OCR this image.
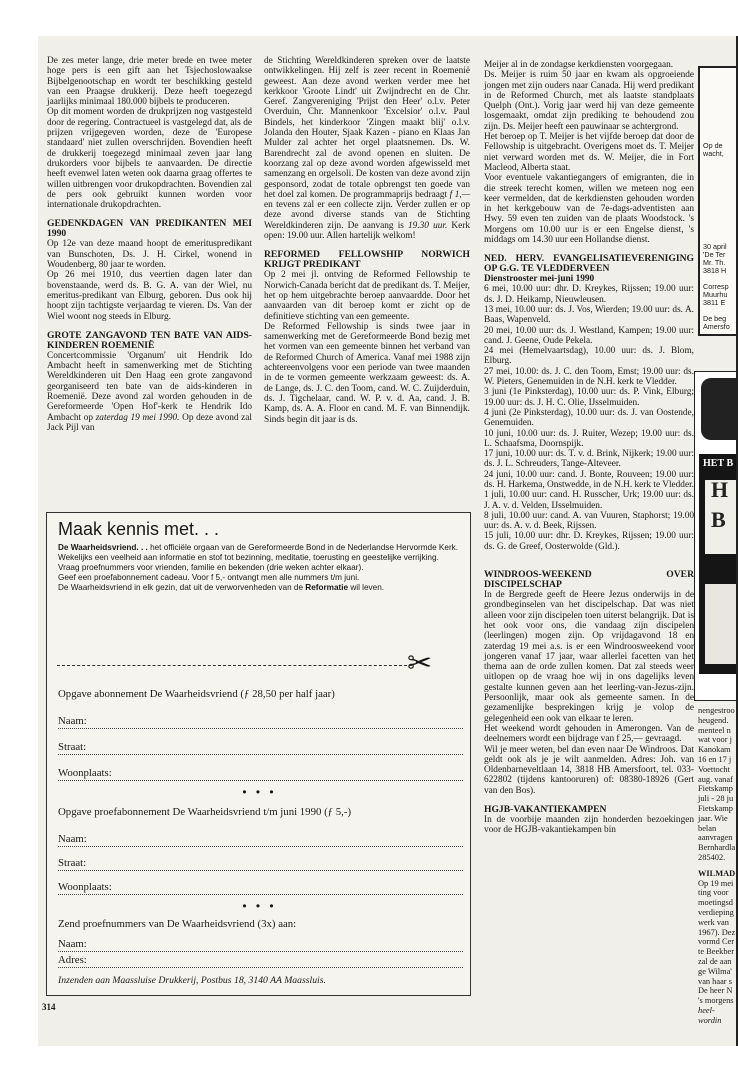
De zes meter lange, drie meter brede en twee meter hoge pers is een gift aan het Tsjechoslowaakse Bijbelgenootschap en wordt ter beschikking gesteld van een Praagse drukkerij. Deze heeft toegezegd jaarlijks minimaal 180.000 bijbels te produceren.

Op dit moment worden de drukprijzen nog vastgesteld door de regering. Contractueel is vastgelegd dat, als de prijzen vrijgegeven worden, deze de 'Europese standaard' niet zullen overschrijden. Bovendien heeft de drukkerij toegezegd minimaal zeven jaar lang drukorders voor bijbels te aanvaarden. De directie heeft evenwel laten weten ook daarna graag offertes te willen uitbrengen voor drukopdrachten. Bovendien zal de pers ook gebruikt kunnen worden voor internationale drukopdrachten.

GEDENKDAGEN VAN PREDIKANTEN MEI 1990

Op 12e van deze maand hoopt de emerituspredikant van Bunschoten, Ds. J. H. Cirkel, wonend in Woudenberg, 80 jaar te worden.

Op 26 mei 1910, dus veertien dagen later dan bovenstaande, werd ds. B. G. A. van der Wiel, nu emeritus-predikant van Elburg, geboren. Dus ook hij hoopt zijn tachtigste verjaardag te vieren. Ds. Van der Wiel woont nog steeds in Elburg.

GROTE ZANGAVOND TEN BATE VAN AIDS-KINDEREN ROEMENIË

Concertcommissie 'Organum' uit Hendrik Ido Ambacht heeft in samenwerking met de Stichting Wereldkinderen uit Den Haag een grote zangavond georganiseerd ten bate van de aids-kinderen in Roemenië. Deze avond zal worden gehouden in de Gereformeerde 'Open Hof'-kerk te Hendrik Ido Ambacht op zaterdag 19 mei 1990. Op deze avond zal Jack Pijl van

de Stichting Wereldkinderen spreken over de laatste ontwikkelingen. Hij zelf is zeer recent in Roemenië geweest. Aan deze avond werken verder mee het kerkkoor 'Groote Lindt' uit Zwijndrecht en de Chr. Geref. Zangvereniging 'Prijst den Heer' o.l.v. Peter Overduin, Chr. Mannenkoor 'Excelsior' o.l.v. Paul Bindels, het kinderkoor 'Zingen maakt blij' o.l.v. Jolanda den Houter, Sjaak Kazen - piano en Klaas Jan Mulder zal achter het orgel plaatsnemen. Ds. W. Barendrecht zal de avond openen en sluiten. De koorzang zal op deze avond worden afgewisseld met samenzang en orgelsoli. De kosten van deze avond zijn gesponsord, zodat de totale opbrengst ten goede van het doel zal komen. De programmaprijs bedraagt f 1,— en tevens zal er een collecte zijn. Verder zullen er op deze avond diverse stands van de Stichting Wereldkinderen zijn. De aanvang is 19.30 uur. Kerk open: 19.00 uur. Allen hartelijk welkom!

REFORMED FELLOWSHIP NORWICH KRIJGT PREDIKANT

Op 2 mei jl. ontving de Reformed Fellowship te Norwich-Canada bericht dat de predikant ds. T. Meijer, het op hem uitgebrachte beroep aanvaardde. Door het aanvaarden van dit beroep komt er zicht op de definitieve stichting van een gemeente.

De Reformed Fellowship is sinds twee jaar in samenwerking met de Gereformeerde Bond bezig met het vormen van een gemeente binnen het verband van de Reformed Church of America. Vanaf mei 1988 zijn achtereenvolgens voor een periode van twee maanden in de te vormen gemeente werkzaam geweest: ds. A. de Lange, ds. J. C. den Toom, cand. W. C. Zuijderduin, ds. J. Tigchelaar, cand. W. P. v. d. Aa, cand. J. B. Kamp, ds. A. A. Floor en cand. M. F. van Binnendijk. Sinds begin dit jaar is ds.

Meijer al in de zondagse kerkdiensten voorgegaan.

Ds. Meijer is ruim 50 jaar en kwam als opgroeiende jongen met zijn ouders naar Canada. Hij werd predikant in de Reformed Church, met als laatste standplaats Quelph (Ont.). Vorig jaar werd hij van deze gemeente losgemaakt, omdat zijn prediking te behoudend zou zijn. Ds. Meijer heeft een pauwinaar se achtergrond.

Het beroep op T. Meijer is het vijfde beroep dat door de Fellowship is uitgebracht. Overigens moet ds. T. Meijer niet verward worden met ds. W. Meijer, die in Fort Macleod, Alberta staat.

Voor eventuele vakantiegangers of emigranten, die in die streek terecht komen, willen we meteen nog een keer vermelden, dat de kerkdiensten gehouden worden in het kerkgebouw van de 7e-dags-adventisten aan Hwy. 59 even ten zuiden van de plaats Woodstock. 's Morgens om 10.00 uur is er een Engelse dienst, 's middags om 14.30 uur een Hollandse dienst.

NED. HERV. EVANGELISATIEVERENIGING OP G.G. TE VLEDDERVEEN
Dienstrooster mei-juni 1990

6 mei, 10.00 uur: dhr. D. Kreykes, Rijssen; 19.00 uur: ds. J. D. Heikamp, Nieuwleusen.

13 mei, 10.00 uur: ds. J. Vos, Wierden; 19.00 uur: ds. A. Baas, Wapenveld.

20 mei, 10.00 uur: ds. J. Westland, Kampen; 19.00 uur: cand. J. Geene, Oude Pekela.

24 mei (Hemelvaartsdag), 10.00 uur: ds. J. Blom, Elburg.

27 mei, 10.00: ds. J. C. den Toom, Emst; 19.00 uur: ds. W. Pieters, Genemuiden in de N.H. kerk te Vledder.

3 juni (1e Pinksterdag), 10.00 uur: ds. P. Vink, Elburg; 19.00 uur: ds. J. H. C. Olie, IJsselmuiden.

4 juni (2e Pinksterdag), 10.00 uur: ds. J. van Oostende, Genemuiden.

10 juni, 10.00 uur: ds. J. Ruiter, Wezep; 19.00 uur: ds. L. Schaafsma, Doornspijk.

17 juni, 10.00 uur: ds. T. v. d. Brink, Nijkerk; 19.00 uur: ds. J. L. Schreuders, Tange-Alteveer.

24 juni, 10.00 uur: cand. J. Bonte, Rouveen; 19.00 uur: ds. H. Harkema, Onstwedde, in de N.H. kerk te Vledder.

1 juli, 10.00 uur: cand. H. Russcher, Urk; 19.00 uur: ds. J. A. v. d. Velden, IJsselmuiden.

8 juli, 10.00 uur: cand. A. van Vuuren, Staphorst; 19.00 uur: ds. A. v. d. Beek, Rijssen.

15 juli, 10.00 uur: dhr. D. Kreykes, Rijssen; 19.00 uur: ds. G. de Greef, Oosterwolde (Gld.).

WINDROOS-WEEKEND OVER DISCIPELSCHAP

In de Bergrede geeft de Heere Jezus onderwijs in de grondbeginselen van het discipelschap. Dat was niet alleen voor zijn discipelen toen uiterst belangrijk. Dat is het ook voor ons, die vandaag zijn discipelen (leerlingen) mogen zijn. Op vrijdagavond 18 en zaterdag 19 mei a.s. is er een Windroosweekend voor jongeren vanaf 17 jaar, waar allerlei facetten van het thema aan de orde zullen komen. Dat zal steeds weer uitlopen op de vraag hoe wij in ons dagelijks leven gestalte kunnen geven aan het leerling-van-Jezus-zijn. Persoonlijk, maar ook als gemeente samen. In de gezamenlijke besprekingen krijg je volop de gelegenheid een ook van elkaar te leren.

Het weekend wordt gehouden in Amerongen. Van de deelnemers wordt een bijdrage van f 25,— gevraagd.

Wil je meer weten, bel dan even naar De Windroos. Dat geldt ook als je je wilt aanmelden. Adres: Joh. van Oldenbarneveltlaan 14, 3818 HB Amersfoort, tel. 033-622802 (tijdens kantooruren) of: 08380-18926 (Gert van den Bos).

HGJB-VAKANTIEKAMPEN

In de voorbije maanden zijn honderden bezoekingen voor de HGJB-vakantiekampen bin

Maak kennis met. . .
De Waarheidsvriend. . . het officiële orgaan van de Gereformeerde Bond in de Nederlandse Hervormde Kerk.
Wekelijks een veelheid aan informatie en stof tot bezinning, meditatie, toerusting en geestelijke verrijking.
Vraag proefnummers voor vrienden, familie en bekenden (drie weken achter elkaar).
Geef een proefabonnement cadeau. Voor f 5,- ontvangt men alle nummers t/m juni.
De Waarheidsvriend in elk gezin, dat uit de verworvenheden van de Reformatie wil leven.
✂
Opgave abonnement De Waarheidsvriend (ƒ 28,50 per half jaar)
Naam:
Straat:
Woonplaats:
• • •
Opgave proefabonnement De Waarheidsvriend t/m juni 1990 (ƒ 5,-)
Naam:
Straat:
Woonplaats:
• • •
Zend proefnummers van De Waarheidsvriend (3x) aan:
Naam:
Adres:
Inzenden aan Maassluise Drukkerij, Postbus 18, 3140 AA Maassluis.
314
Op de
wacht,
30 april
'De Ter
Mr. Th.
3818 H
Corresp
Muurhu
3811 E
De beg
Amersfo
HET B
H
B
nengestroo heugend. menteel n wat voor j Kanokam 16 en 17 j Voettocht aug. vanaf Fietskamp juli - 28 ju Fietskamp jaar. Wie belan aanvragen Bernhardla 285402.
WILMAD
Op 19 mei ting voor moetingsd verdieping werk van 1967). Dez vormd Cer te Beekber zal de aan ge Wilma' van haar s De heer N 's morgens
heel-wordin
